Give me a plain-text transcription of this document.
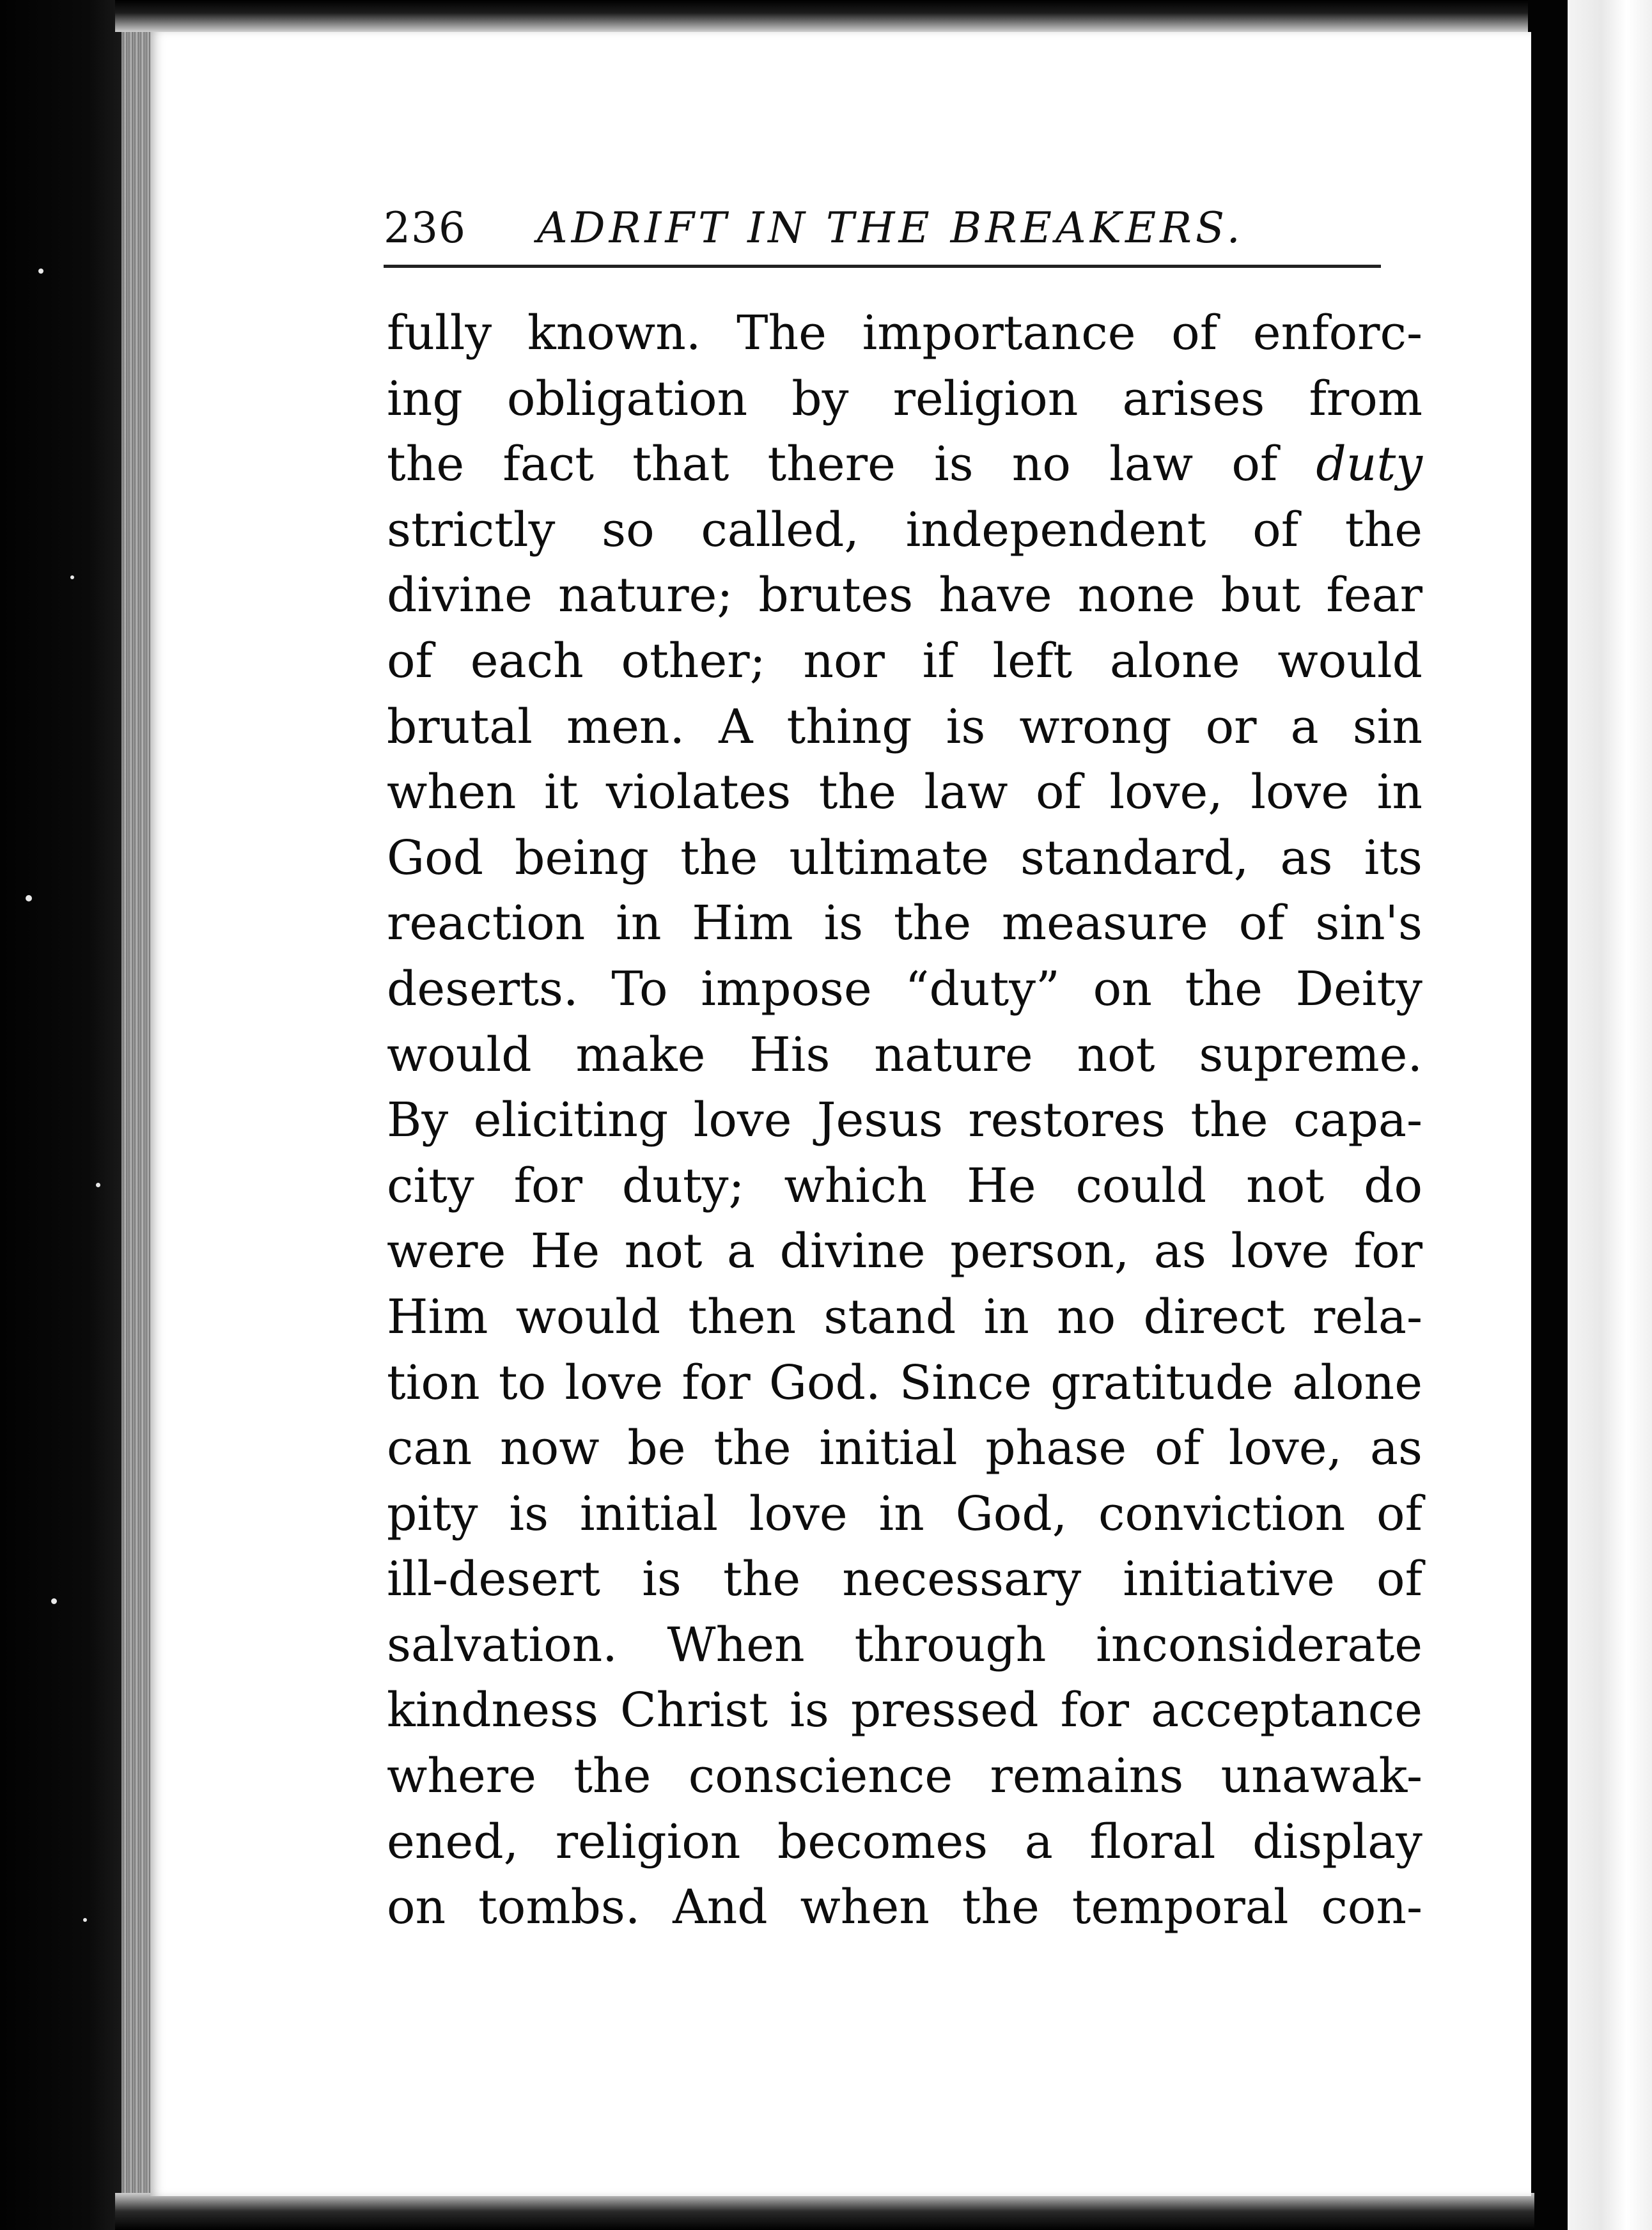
236 ADRIFT IN THE BREAKERS.
fully known. The importance of enforc-
ing obligation by religion arises from
the fact that there is no law of duty
strictly so called, independent of the
divine nature; brutes have none but fear
of each other; nor if left alone would
brutal men. A thing is wrong or a sin
when it violates the law of love, love in
God being the ultimate standard, as its
reaction in Him is the measure of sin's
deserts. To impose “duty” on the Deity
would make His nature not supreme.
By eliciting love Jesus restores the capa-
city for duty; which He could not do
were He not a divine person, as love for
Him would then stand in no direct rela-
tion to love for God. Since gratitude alone
can now be the initial phase of love, as
pity is initial love in God, conviction of
ill-desert is the necessary initiative of
salvation. When through inconsiderate
kindness Christ is pressed for acceptance
where the conscience remains unawak-
ened, religion becomes a floral display
on tombs. And when the temporal con-
